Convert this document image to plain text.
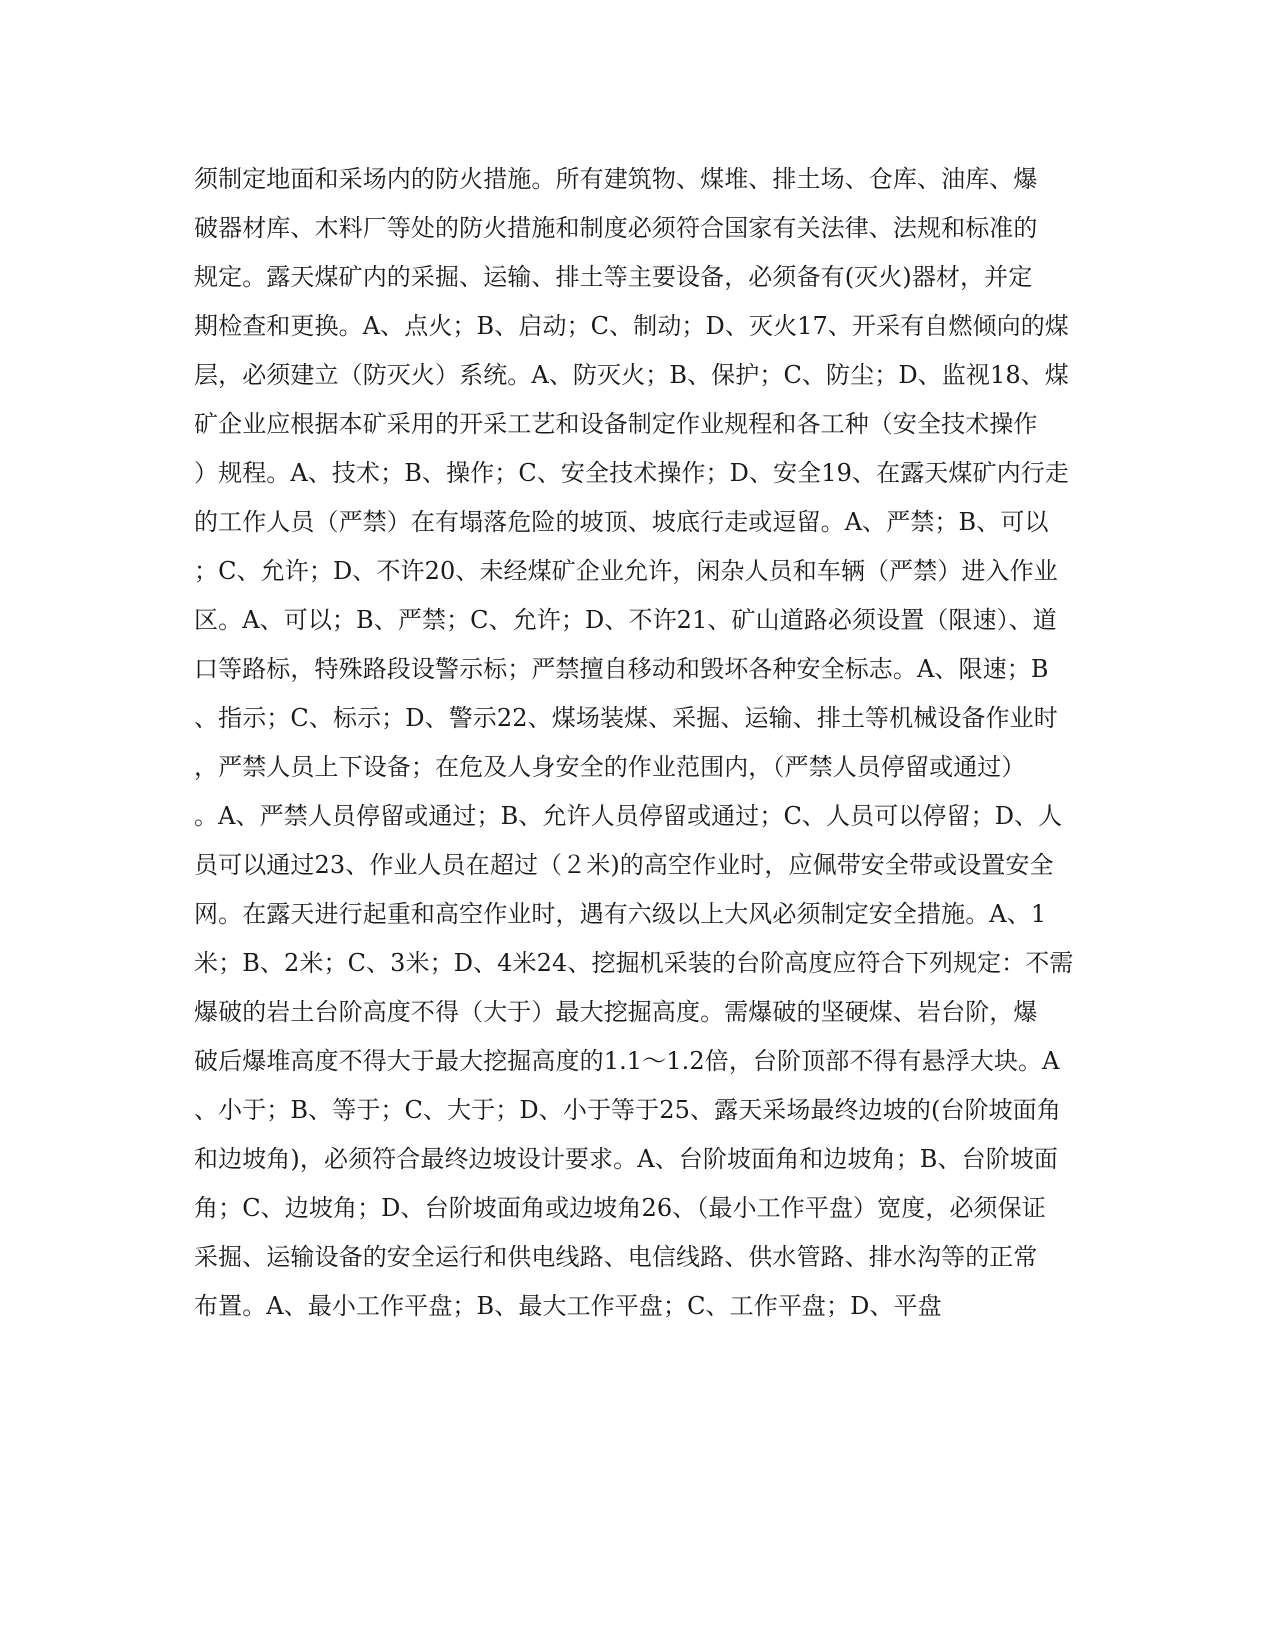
须制定地面和采场内的防火措施。所有建筑物、煤堆、排土场、仓库、油库、爆
破器材库、木料厂等处的防火措施和制度必须符合国家有关法律、法规和标准的
规定。露天煤矿内的采掘、运输、排土等主要设备，必须备有(灭火)器材，并定
期检查和更换。A、点火；B、启动；C、制动；D、灭火17、开采有自燃倾向的煤
层，必须建立（防灭火）系统。A、防灭火；B、保护；C、防尘；D、监视18、煤
矿企业应根据本矿采用的开采工艺和设备制定作业规程和各工种（安全技术操作
）规程。A、技术；B、操作；C、安全技术操作；D、安全19、在露天煤矿内行走
的工作人员（严禁）在有塌落危险的坡顶、坡底行走或逗留。A、严禁；B、可以
；C、允许；D、不许20、未经煤矿企业允许，闲杂人员和车辆（严禁）进入作业
区。A、可以；B、严禁；C、允许；D、不许21、矿山道路必须设置（限速）、道
口等路标，特殊路段设警示标；严禁擅自移动和毁坏各种安全标志。A、限速；B
、指示；C、标示；D、警示22、煤场装煤、采掘、运输、排土等机械设备作业时
，严禁人员上下设备；在危及人身安全的作业范围内，（严禁人员停留或通过）
。A、严禁人员停留或通过；B、允许人员停留或通过；C、人员可以停留；D、人
员可以通过23、作业人员在超过（２米)的高空作业时，应佩带安全带或设置安全
网。在露天进行起重和高空作业时，遇有六级以上大风必须制定安全措施。A、1
米；B、2米；C、3米；D、4米24、挖掘机采装的台阶高度应符合下列规定：不需
爆破的岩土台阶高度不得（大于）最大挖掘高度。需爆破的坚硬煤、岩台阶，爆
破后爆堆高度不得大于最大挖掘高度的1.1～1.2倍，台阶顶部不得有悬浮大块。A
、小于；B、等于；C、大于；D、小于等于25、露天采场最终边坡的(台阶坡面角
和边坡角)，必须符合最终边坡设计要求。A、台阶坡面角和边坡角；B、台阶坡面
角；C、边坡角；D、台阶坡面角或边坡角26、（最小工作平盘）宽度，必须保证
采掘、运输设备的安全运行和供电线路、电信线路、供水管路、排水沟等的正常
布置。A、最小工作平盘；B、最大工作平盘；C、工作平盘；D、平盘
